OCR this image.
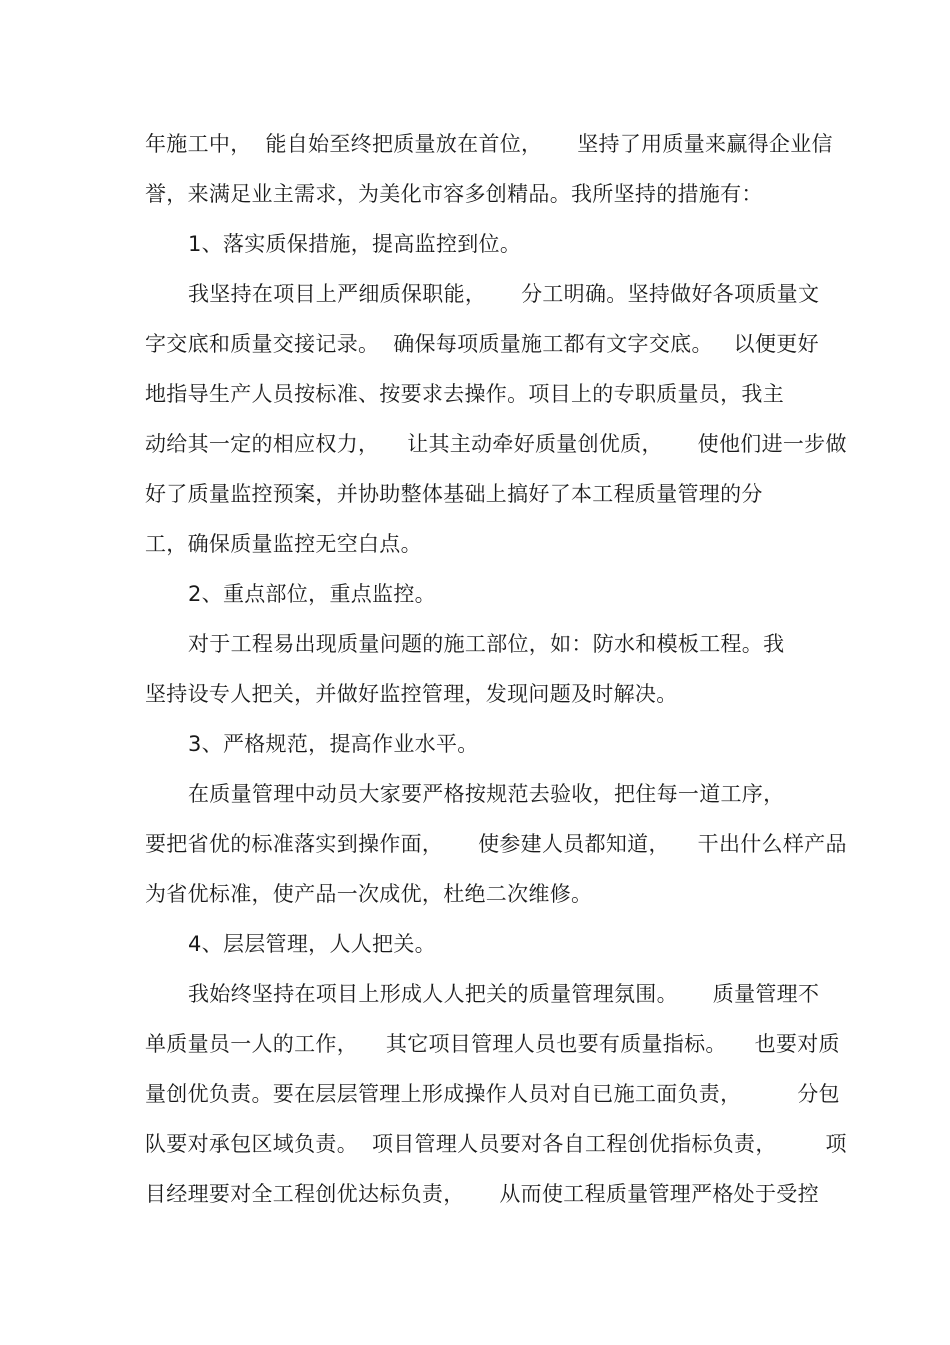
年施工中，  能自始至终把质量放在首位，     坚持了用质量来赢得企业信
誉，来满足业主需求，为美化市容多创精品。我所坚持的措施有：
1、落实质保措施，提高监控到位。
我坚持在项目上严细质保职能，     分工明确。坚持做好各项质量文
字交底和质量交接记录。  确保每项质量施工都有文字交底。   以便更好
地指导生产人员按标准、按要求去操作。项目上的专职质量员，我主
动给其一定的相应权力，    让其主动牵好质量创优质，     使他们进一步做
好了质量监控预案，并协助整体基础上搞好了本工程质量管理的分
工，确保质量监控无空白点。
2、重点部位，重点监控。
对于工程易出现质量问题的施工部位，如：防水和模板工程。我
坚持设专人把关，并做好监控管理，发现问题及时解决。
3、严格规范，提高作业水平。
在质量管理中动员大家要严格按规范去验收，把住每一道工序，
要把省优的标准落实到操作面，     使参建人员都知道，    干出什么样产品
为省优标准，使产品一次成优，杜绝二次维修。
4、层层管理，人人把关。
我始终坚持在项目上形成人人把关的质量管理氛围。     质量管理不
单质量员一人的工作，    其它项目管理人员也要有质量指标。    也要对质
量创优负责。要在层层管理上形成操作人员对自已施工面负责，        分包
队要对承包区域负责。  项目管理人员要对各自工程创优指标负责，       项
目经理要对全工程创优达标负责，     从而使工程质量管理严格处于受控
